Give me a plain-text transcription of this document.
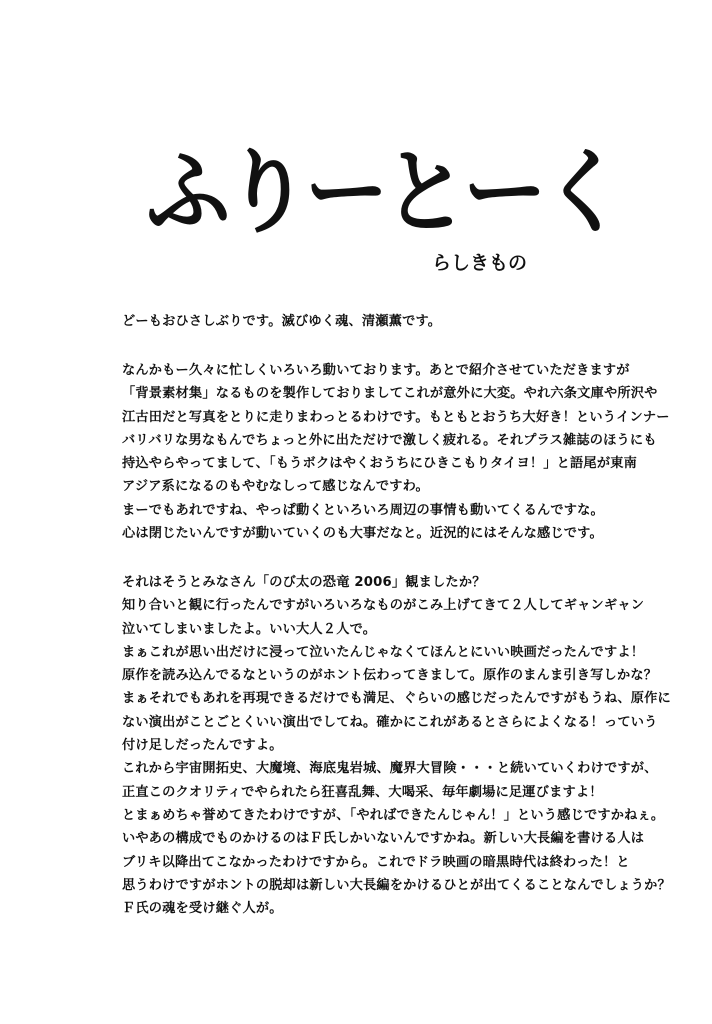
ふりーとーく
らしきもの
どーもおひさしぶりです。滅びゆく魂、清瀬薫です。
なんかもー久々に忙しくいろいろ動いております。あとで紹介させていただきますが
「背景素材集」なるものを製作しておりましてこれが意外に大変。やれ六条文庫や所沢や
江古田だと写真をとりに走りまわっとるわけです。もともとおうち大好き！というインナー
バリバリな男なもんでちょっと外に出ただけで激しく疲れる。それプラス雑誌のほうにも
持込やらやってまして、「もうボクはやくおうちにひきこもりタイヨ！」と語尾が東南
アジア系になるのもやむなしって感じなんですわ。
まーでもあれですね、やっぱ動くといろいろ周辺の事情も動いてくるんですな。
心は閉じたいんですが動いていくのも大事だなと。近況的にはそんな感じです。
それはそうとみなさん「のび太の恐竜 2006」観ましたか？
知り合いと観に行ったんですがいろいろなものがこみ上げてきて２人してギャンギャン
泣いてしまいましたよ。いい大人２人で。
まぁこれが思い出だけに浸って泣いたんじゃなくてほんとにいい映画だったんですよ！
原作を読み込んでるなというのがホント伝わってきまして。原作のまんま引き写しかな？
まぁそれでもあれを再現できるだけでも満足、ぐらいの感じだったんですがもうね、原作に
ない演出がことごとくいい演出でしてね。確かにこれがあるとさらによくなる！っていう
付け足しだったんですよ。
これから宇宙開拓史、大魔境、海底鬼岩城、魔界大冒険・・・と続いていくわけですが、
正直このクオリティでやられたら狂喜乱舞、大喝采、毎年劇場に足運びますよ！
とまぁめちゃ誉めてきたわけですが、「やればできたんじゃん！」という感じですかねぇ。
いやあの構成でものかけるのはＦ氏しかいないんですかね。新しい大長編を書ける人は
ブリキ以降出てこなかったわけですから。これでドラ映画の暗黒時代は終わった！と
思うわけですがホントの脱却は新しい大長編をかけるひとが出てくることなんでしょうか？
Ｆ氏の魂を受け継ぐ人が。
